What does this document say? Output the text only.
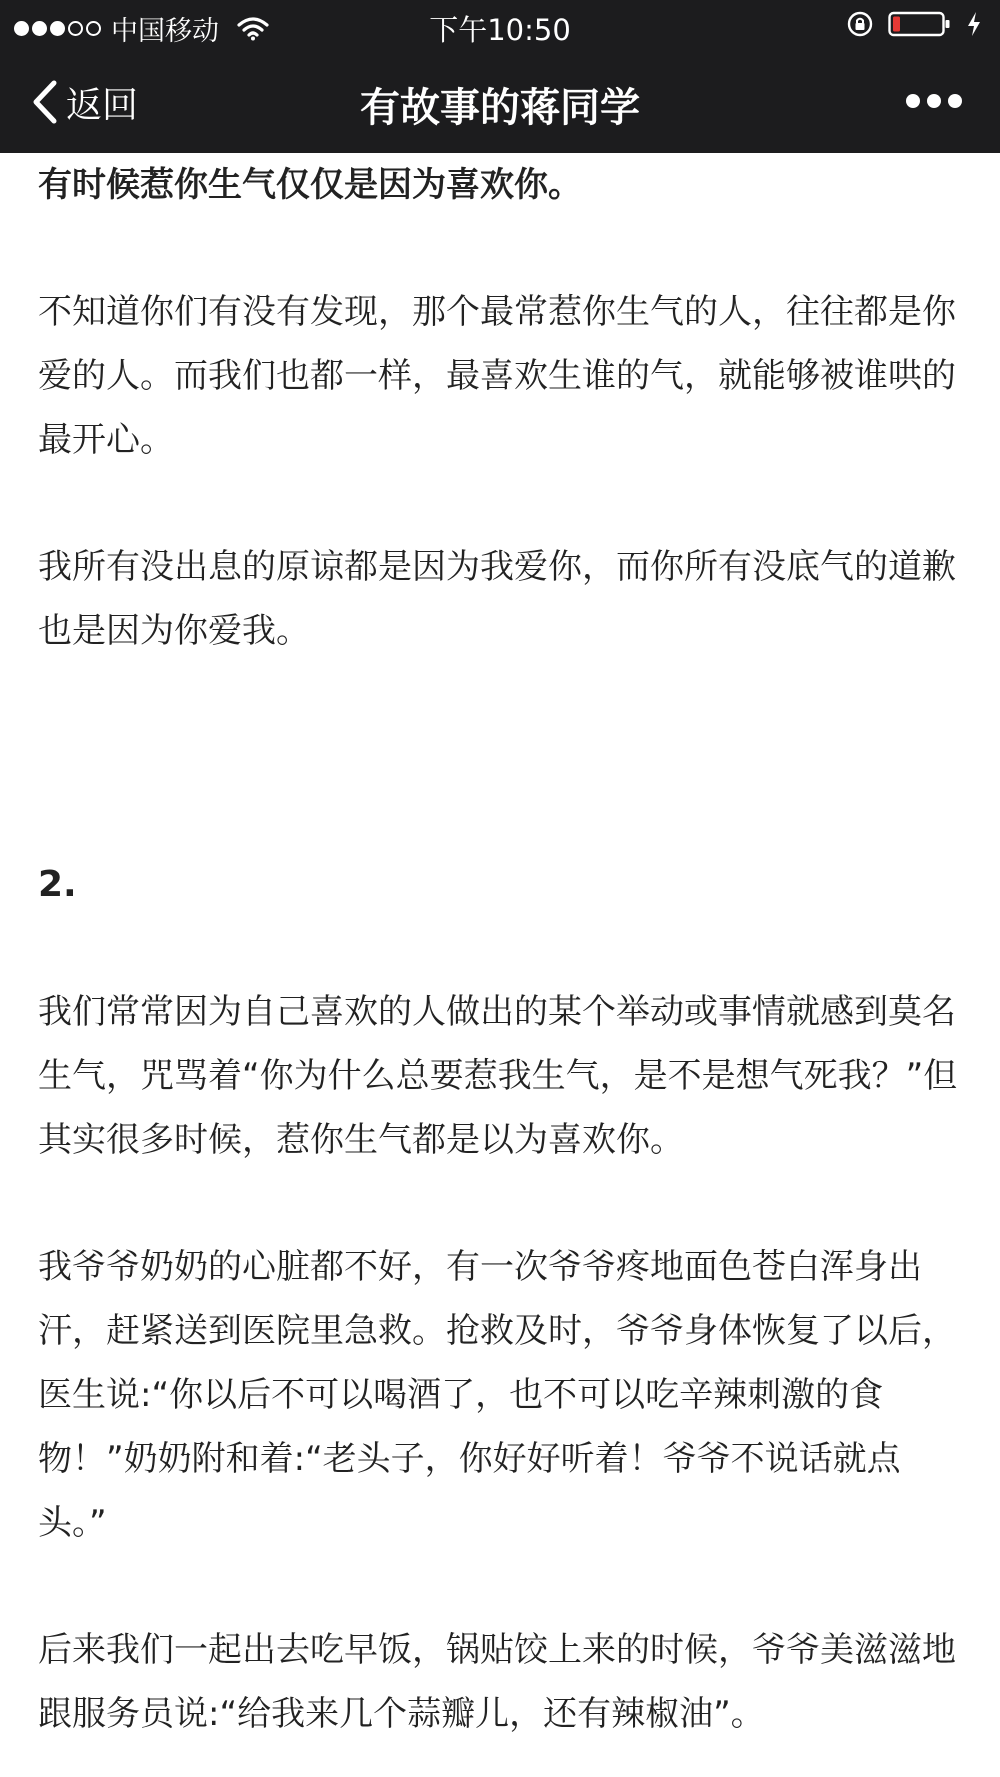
中国移动	下午10:50
返回	有故事的蒋同学

有时候惹你生气仅仅是因为喜欢你。

不知道你们有没有发现，那个最常惹你生气的人，往往都是你爱的人。而我们也都一样，最喜欢生谁的气，就能够被谁哄的最开心。

我所有没出息的原谅都是因为我爱你，而你所有没底气的道歉也是因为你爱我。

2.

我们常常因为自己喜欢的人做出的某个举动或事情就感到莫名生气，咒骂着“你为什么总要惹我生气，是不是想气死我？”但其实很多时候，惹你生气都是以为喜欢你。

我爷爷奶奶的心脏都不好，有一次爷爷疼地面色苍白浑身出汗，赶紧送到医院里急救。抢救及时，爷爷身体恢复了以后，医生说:“你以后不可以喝酒了，也不可以吃辛辣刺激的食物！”奶奶附和着:“老头子，你好好听着！爷爷不说话就点头。”

后来我们一起出去吃早饭，锅贴饺上来的时候，爷爷美滋滋地跟服务员说:“给我来几个蒜瓣儿，还有辣椒油”。
